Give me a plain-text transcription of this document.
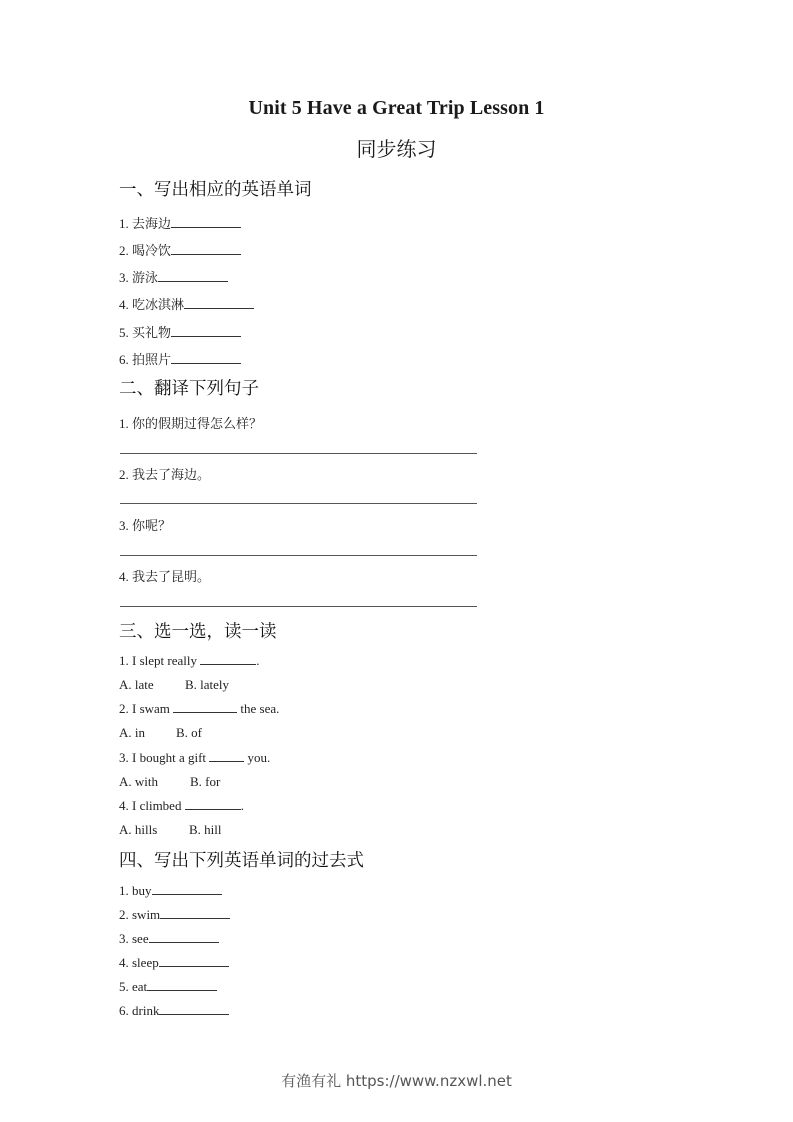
Unit 5 Have a Great Trip Lesson 1
同步练习
一、写出相应的英语单词
1. 去海边
2. 喝冷饮
3. 游泳
4. 吃冰淇淋
5. 买礼物
6. 拍照片
二、翻译下列句子
1. 你的假期过得怎么样？
2. 我去了海边。
3. 你呢？
4. 我去了昆明。
三、选一选，读一读
1. I slept really	.
A. late B. lately
2. I swam	the sea.
A. in B. of
3. I bought a gift	you.
A. with B. for
4. I climbed	.
A. hills B. hill
四、写出下列英语单词的过去式
1. buy
2. swim
3. see
4. sleep
5. eat
6. drink
有渔有礼 https://www.nzxwl.net
